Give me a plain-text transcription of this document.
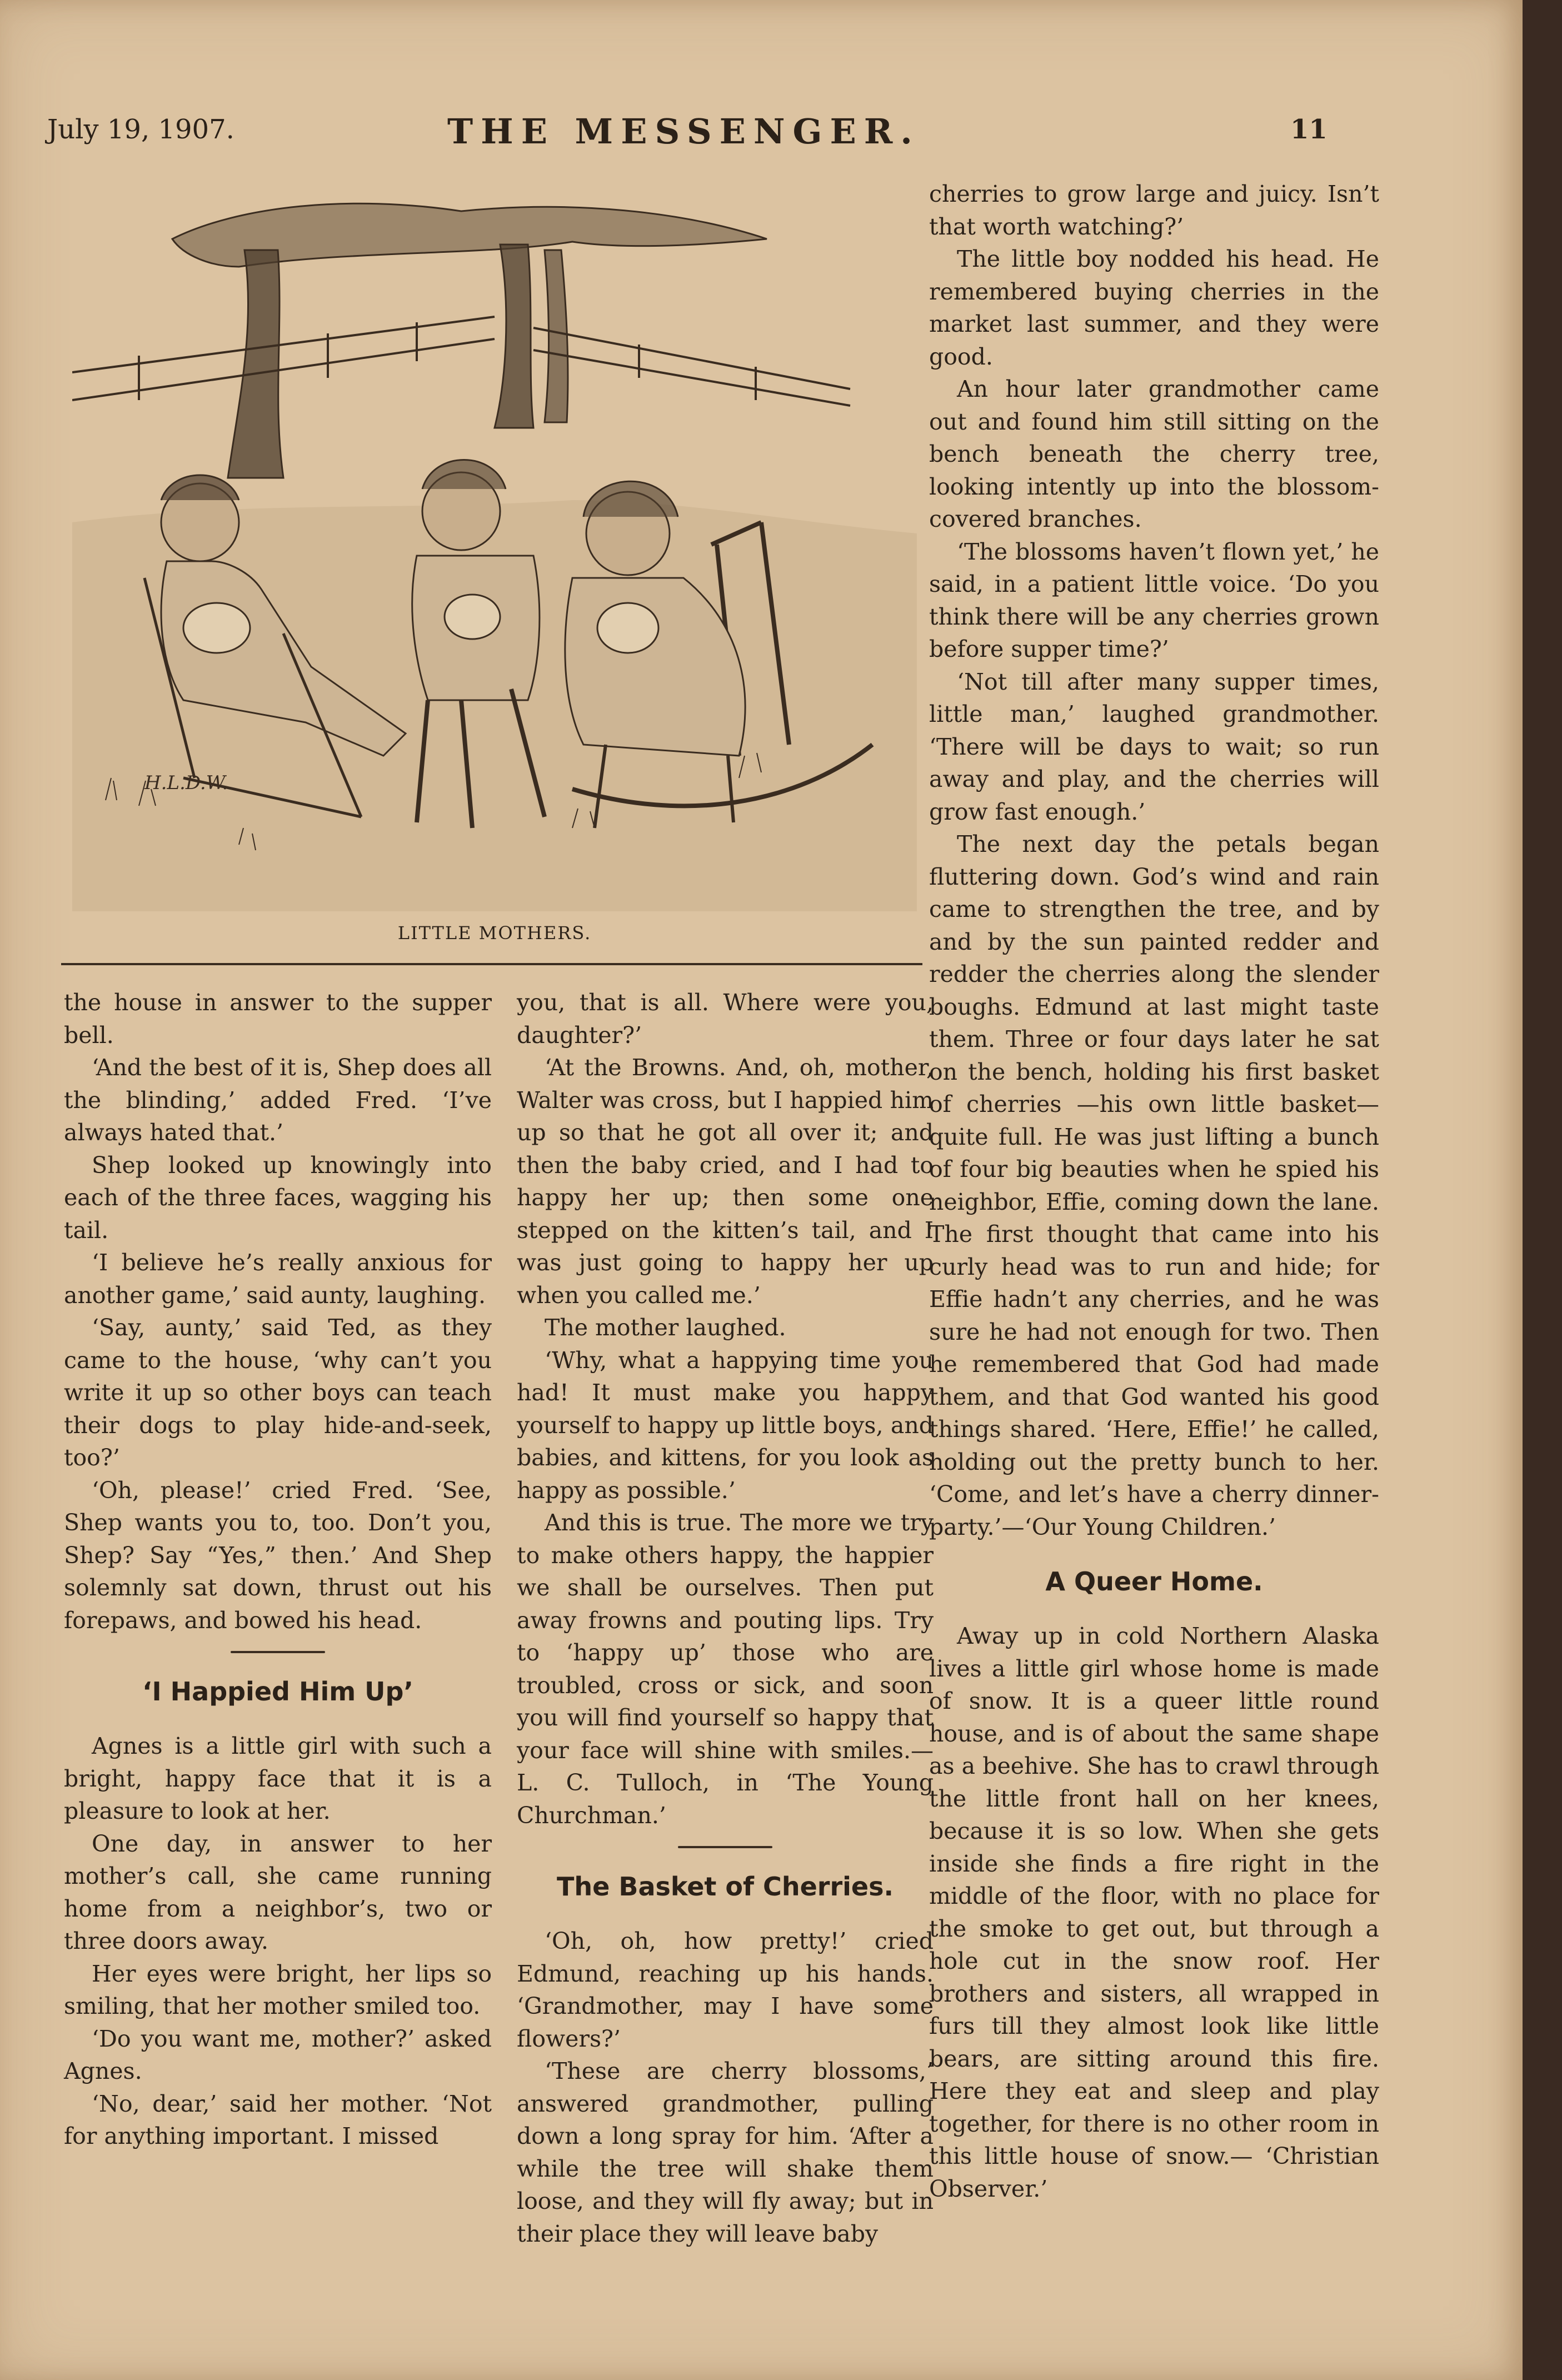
July 19, 1907.	THE MESSENGER.	11
H.L.D.W.
LITTLE MOTHERS.

the house in answer to the supper bell.

‘And the best of it is, Shep does all the blinding,’ added Fred. ‘I’ve always hated that.’

Shep looked up knowingly into each of the three faces, wagging his tail.

‘I believe he’s really anxious for another game,’ said aunty, laughing.

‘Say, aunty,’ said Ted, as they came to the house, ‘why can’t you write it up so other boys can teach their dogs to play hide-and-seek, too?’

‘Oh, please!’ cried Fred. ‘See, Shep wants you to, too. Don’t you, Shep? Say “Yes,” then.’ And Shep solemnly sat down, thrust out his forepaws, and bowed his head.

‘I Happied Him Up’

Agnes is a little girl with such a bright, happy face that it is a pleasure to look at her.

One day, in answer to her mother’s call, she came running home from a neighbor’s, two or three doors away.

Her eyes were bright, her lips so smiling, that her mother smiled too.

‘Do you want me, mother?’ asked Agnes.

‘No, dear,’ said her mother. ‘Not for anything important. I missed

you, that is all. Where were you, daughter?’

‘At the Browns. And, oh, mother, Walter was cross, but I happied him up so that he got all over it; and then the baby cried, and I had to happy her up; then some one stepped on the kitten’s tail, and I was just going to happy her up when you called me.’

The mother laughed.

‘Why, what a happying time you had! It must make you happy yourself to happy up little boys, and babies, and kittens, for you look as happy as possible.’

And this is true. The more we try to make others happy, the happier we shall be ourselves. Then put away frowns and pouting lips. Try to ‘happy up’ those who are troubled, cross or sick, and soon you will find yourself so happy that your face will shine with smiles.— L. C. Tulloch, in ‘The Young Churchman.’

The Basket of Cherries.

‘Oh, oh, how pretty!’ cried Edmund, reaching up his hands. ‘Grandmother, may I have some flowers?’

‘These are cherry blossoms,’ answered grandmother, pulling down a long spray for him. ‘After a while the tree will shake them loose, and they will fly away; but in their place they will leave baby

cherries to grow large and juicy. Isn’t that worth watching?’

The little boy nodded his head. He remembered buying cherries in the market last summer, and they were good.

An hour later grandmother came out and found him still sitting on the bench beneath the cherry tree, looking intently up into the blossom-covered branches.

‘The blossoms haven’t flown yet,’ he said, in a patient little voice. ‘Do you think there will be any cherries grown before supper time?’

‘Not till after many supper times, little man,’ laughed grandmother. ‘There will be days to wait; so run away and play, and the cherries will grow fast enough.’

The next day the petals began fluttering down. God’s wind and rain came to strengthen the tree, and by and by the sun painted redder and redder the cherries along the slender boughs. Edmund at last might taste them. Three or four days later he sat on the bench, holding his first basket of cherries —his own little basket—quite full. He was just lifting a bunch of four big beauties when he spied his neighbor, Effie, coming down the lane. The first thought that came into his curly head was to run and hide; for Effie hadn’t any cherries, and he was sure he had not enough for two. Then he remembered that God had made them, and that God wanted his good things shared. ‘Here, Effie!’ he called, holding out the pretty bunch to her. ‘Come, and let’s have a cherry dinner-party.’—‘Our Young Children.’

A Queer Home.

Away up in cold Northern Alaska lives a little girl whose home is made of snow. It is a queer little round house, and is of about the same shape as a beehive. She has to crawl through the little front hall on her knees, because it is so low. When she gets inside she finds a fire right in the middle of the floor, with no place for the smoke to get out, but through a hole cut in the snow roof. Her brothers and sisters, all wrapped in furs till they almost look like little bears, are sitting around this fire. Here they eat and sleep and play together, for there is no other room in this little house of snow.— ‘Christian Observer.’
